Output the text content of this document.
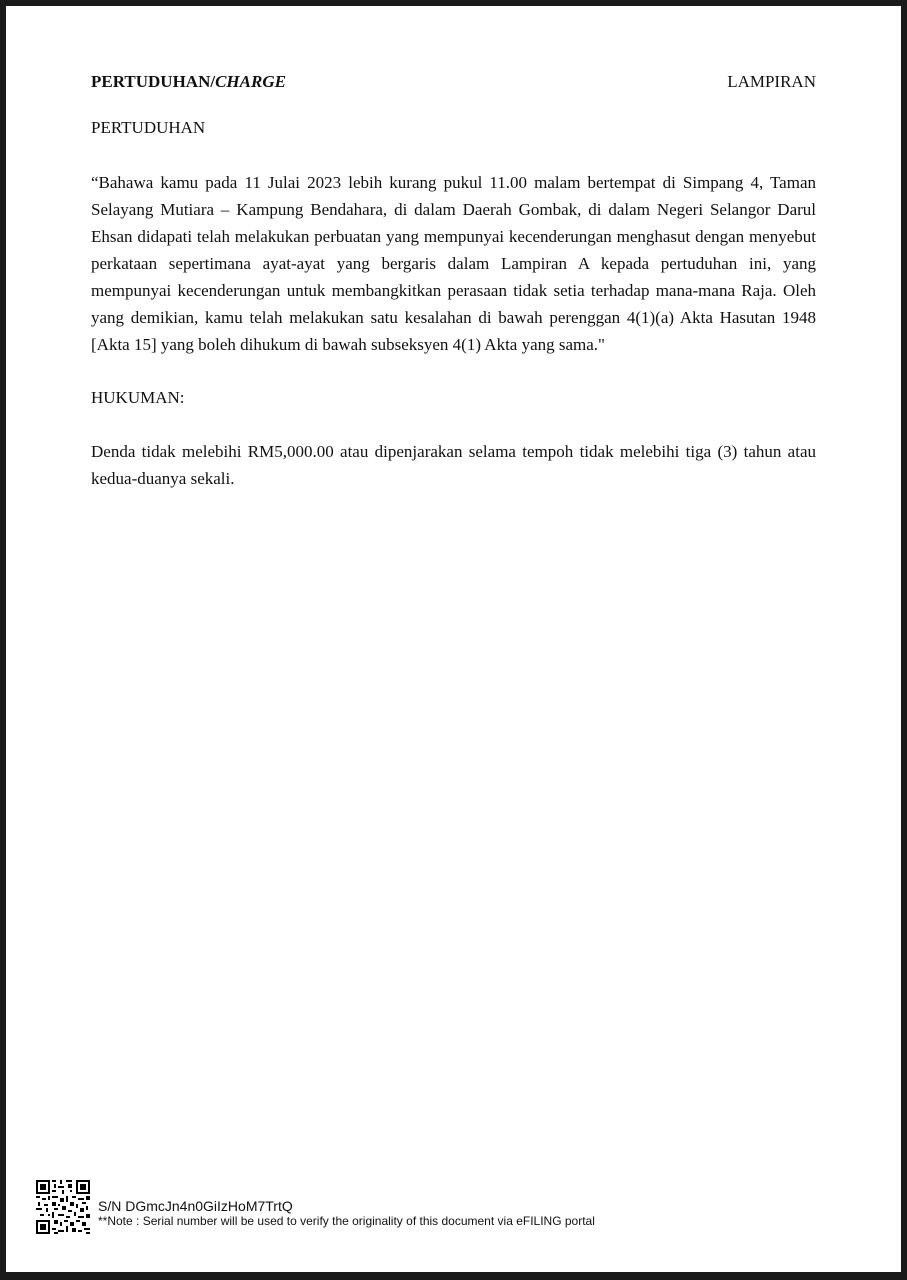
PERTUDUHAN/CHARGE	LAMPIRAN
PERTUDUHAN
“Bahawa kamu pada 11 Julai 2023 lebih kurang pukul 11.00 malam bertempat di Simpang 4, Taman Selayang Mutiara – Kampung Bendahara, di dalam Daerah Gombak, di dalam Negeri Selangor Darul Ehsan didapati telah melakukan perbuatan yang mempunyai kecenderungan menghasut dengan menyebut perkataan sepertimana ayat-ayat yang bergaris dalam Lampiran A kepada pertuduhan ini, yang mempunyai kecenderungan untuk membangkitkan perasaan tidak setia terhadap mana-mana Raja. Oleh yang demikian, kamu telah melakukan satu kesalahan di bawah perenggan 4(1)(a) Akta Hasutan 1948 [Akta 15] yang boleh dihukum di bawah subseksyen 4(1) Akta yang sama."
HUKUMAN:
Denda tidak melebihi RM5,000.00 atau dipenjarakan selama tempoh tidak melebihi tiga (3) tahun atau kedua-duanya sekali.
S/N DGmcJn4n0GiIzHoM7TrtQ
**Note : Serial number will be used to verify the originality of this document via eFILING portal
